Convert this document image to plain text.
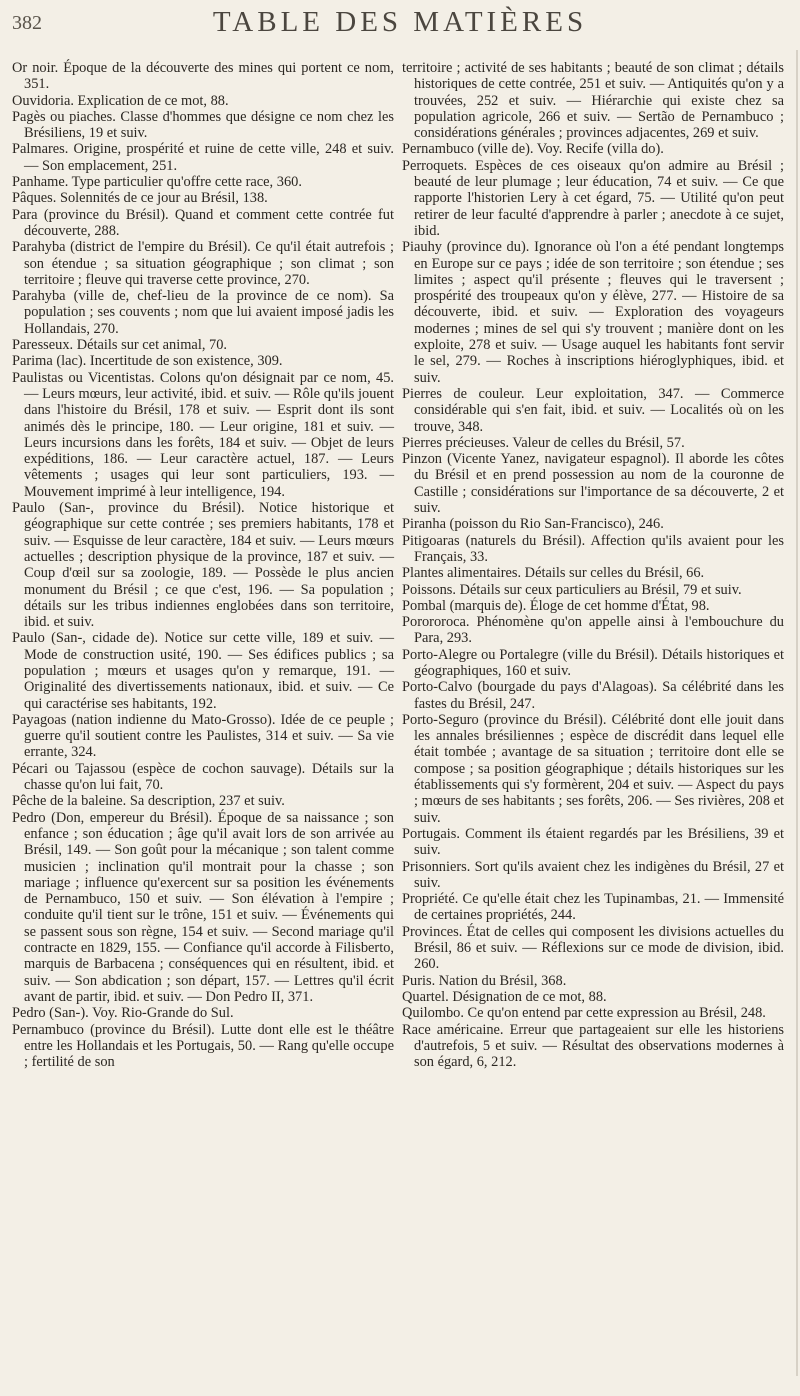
382	TABLE DES MATIÈRES

Or noir. Époque de la découverte des mines qui portent ce nom, 351.

Ouvidoria. Explication de ce mot, 88.

Pagès ou piaches. Classe d'hommes que désigne ce nom chez les Brésiliens, 19 et suiv.

Palmares. Origine, prospérité et ruine de cette ville, 248 et suiv. — Son emplacement, 251.

Panhame. Type particulier qu'offre cette race, 360.

Pâques. Solennités de ce jour au Brésil, 138.

Para (province du Brésil). Quand et comment cette contrée fut découverte, 288.

Parahyba (district de l'empire du Brésil). Ce qu'il était autrefois ; son étendue ; sa situation géographique ; son climat ; son territoire ; fleuve qui traverse cette province, 270.

Parahyba (ville de, chef-lieu de la province de ce nom). Sa population ; ses couvents ; nom que lui avaient imposé jadis les Hollandais, 270.

Paresseux. Détails sur cet animal, 70.

Parima (lac). Incertitude de son existence, 309.

Paulistas ou Vicentistas. Colons qu'on désignait par ce nom, 45. — Leurs mœurs, leur activité, ibid. et suiv. — Rôle qu'ils jouent dans l'histoire du Brésil, 178 et suiv. — Esprit dont ils sont animés dès le principe, 180. — Leur origine, 181 et suiv. — Leurs incursions dans les forêts, 184 et suiv. — Objet de leurs expéditions, 186. — Leur caractère actuel, 187. — Leurs vêtements ; usages qui leur sont particuliers, 193. — Mouvement imprimé à leur intelligence, 194.

Paulo (San-, province du Brésil). Notice historique et géographique sur cette contrée ; ses premiers habitants, 178 et suiv. — Esquisse de leur caractère, 184 et suiv. — Leurs mœurs actuelles ; description physique de la province, 187 et suiv. — Coup d'œil sur sa zoologie, 189. — Possède le plus ancien monument du Brésil ; ce que c'est, 196. — Sa population ; détails sur les tribus indiennes englobées dans son territoire, ibid. et suiv.

Paulo (San-, cidade de). Notice sur cette ville, 189 et suiv. — Mode de construction usité, 190. — Ses édifices publics ; sa population ; mœurs et usages qu'on y remarque, 191. — Originalité des divertissements nationaux, ibid. et suiv. — Ce qui caractérise ses habitants, 192.

Payagoas (nation indienne du Mato-Grosso). Idée de ce peuple ; guerre qu'il soutient contre les Paulistes, 314 et suiv. — Sa vie errante, 324.

Pécari ou Tajassou (espèce de cochon sauvage). Détails sur la chasse qu'on lui fait, 70.

Pêche de la baleine. Sa description, 237 et suiv.

Pedro (Don, empereur du Brésil). Époque de sa naissance ; son enfance ; son éducation ; âge qu'il avait lors de son arrivée au Brésil, 149. — Son goût pour la mécanique ; son talent comme musicien ; inclination qu'il montrait pour la chasse ; son mariage ; influence qu'exercent sur sa position les événements de Pernambuco, 150 et suiv. — Son élévation à l'empire ; conduite qu'il tient sur le trône, 151 et suiv. — Événements qui se passent sous son règne, 154 et suiv. — Second mariage qu'il contracte en 1829, 155. — Confiance qu'il accorde à Filisberto, marquis de Barbacena ; conséquences qui en résultent, ibid. et suiv. — Son abdication ; son départ, 157. — Lettres qu'il écrit avant de partir, ibid. et suiv. — Don Pedro II, 371.

Pedro (San-). Voy. Rio-Grande do Sul.

Pernambuco (province du Brésil). Lutte dont elle est le théâtre entre les Hollandais et les Portugais, 50. — Rang qu'elle occupe ; fertilité de son

territoire ; activité de ses habitants ; beauté de son climat ; détails historiques de cette contrée, 251 et suiv. — Antiquités qu'on y a trouvées, 252 et suiv. — Hiérarchie qui existe chez sa population agricole, 266 et suiv. — Sertão de Pernambuco ; considérations générales ; provinces adjacentes, 269 et suiv.

Pernambuco (ville de). Voy. Recife (villa do).

Perroquets. Espèces de ces oiseaux qu'on admire au Brésil ; beauté de leur plumage ; leur éducation, 74 et suiv. — Ce que rapporte l'historien Lery à cet égard, 75. — Utilité qu'on peut retirer de leur faculté d'apprendre à parler ; anecdote à ce sujet, ibid.

Piauhy (province du). Ignorance où l'on a été pendant longtemps en Europe sur ce pays ; idée de son territoire ; son étendue ; ses limites ; aspect qu'il présente ; fleuves qui le traversent ; prospérité des troupeaux qu'on y élève, 277. — Histoire de sa découverte, ibid. et suiv. — Exploration des voyageurs modernes ; mines de sel qui s'y trouvent ; manière dont on les exploite, 278 et suiv. — Usage auquel les habitants font servir le sel, 279. — Roches à inscriptions hiéroglyphiques, ibid. et suiv.

Pierres de couleur. Leur exploitation, 347. — Commerce considérable qui s'en fait, ibid. et suiv. — Localités où on les trouve, 348.

Pierres précieuses. Valeur de celles du Brésil, 57.

Pinzon (Vicente Yanez, navigateur espagnol). Il aborde les côtes du Brésil et en prend possession au nom de la couronne de Castille ; considérations sur l'importance de sa découverte, 2 et suiv.

Piranha (poisson du Rio San-Francisco), 246.

Pitigoaras (naturels du Brésil). Affection qu'ils avaient pour les Français, 33.

Plantes alimentaires. Détails sur celles du Brésil, 66.

Poissons. Détails sur ceux particuliers au Brésil, 79 et suiv.

Pombal (marquis de). Éloge de cet homme d'État, 98.

Porororoca. Phénomène qu'on appelle ainsi à l'embouchure du Para, 293.

Porto-Alegre ou Portalegre (ville du Brésil). Détails historiques et géographiques, 160 et suiv.

Porto-Calvo (bourgade du pays d'Alagoas). Sa célébrité dans les fastes du Brésil, 247.

Porto-Seguro (province du Brésil). Célébrité dont elle jouit dans les annales brésiliennes ; espèce de discrédit dans lequel elle était tombée ; avantage de sa situation ; territoire dont elle se compose ; sa position géographique ; détails historiques sur les établissements qui s'y formèrent, 204 et suiv. — Aspect du pays ; mœurs de ses habitants ; ses forêts, 206. — Ses rivières, 208 et suiv.

Portugais. Comment ils étaient regardés par les Brésiliens, 39 et suiv.

Prisonniers. Sort qu'ils avaient chez les indigènes du Brésil, 27 et suiv.

Propriété. Ce qu'elle était chez les Tupinambas, 21. — Immensité de certaines propriétés, 244.

Provinces. État de celles qui composent les divisions actuelles du Brésil, 86 et suiv. — Réflexions sur ce mode de division, ibid. 260.

Puris. Nation du Brésil, 368.

Quartel. Désignation de ce mot, 88.

Quilombo. Ce qu'on entend par cette expression au Brésil, 248.

Race américaine. Erreur que partageaient sur elle les historiens d'autrefois, 5 et suiv. — Résultat des observations modernes à son égard, 6, 212.
